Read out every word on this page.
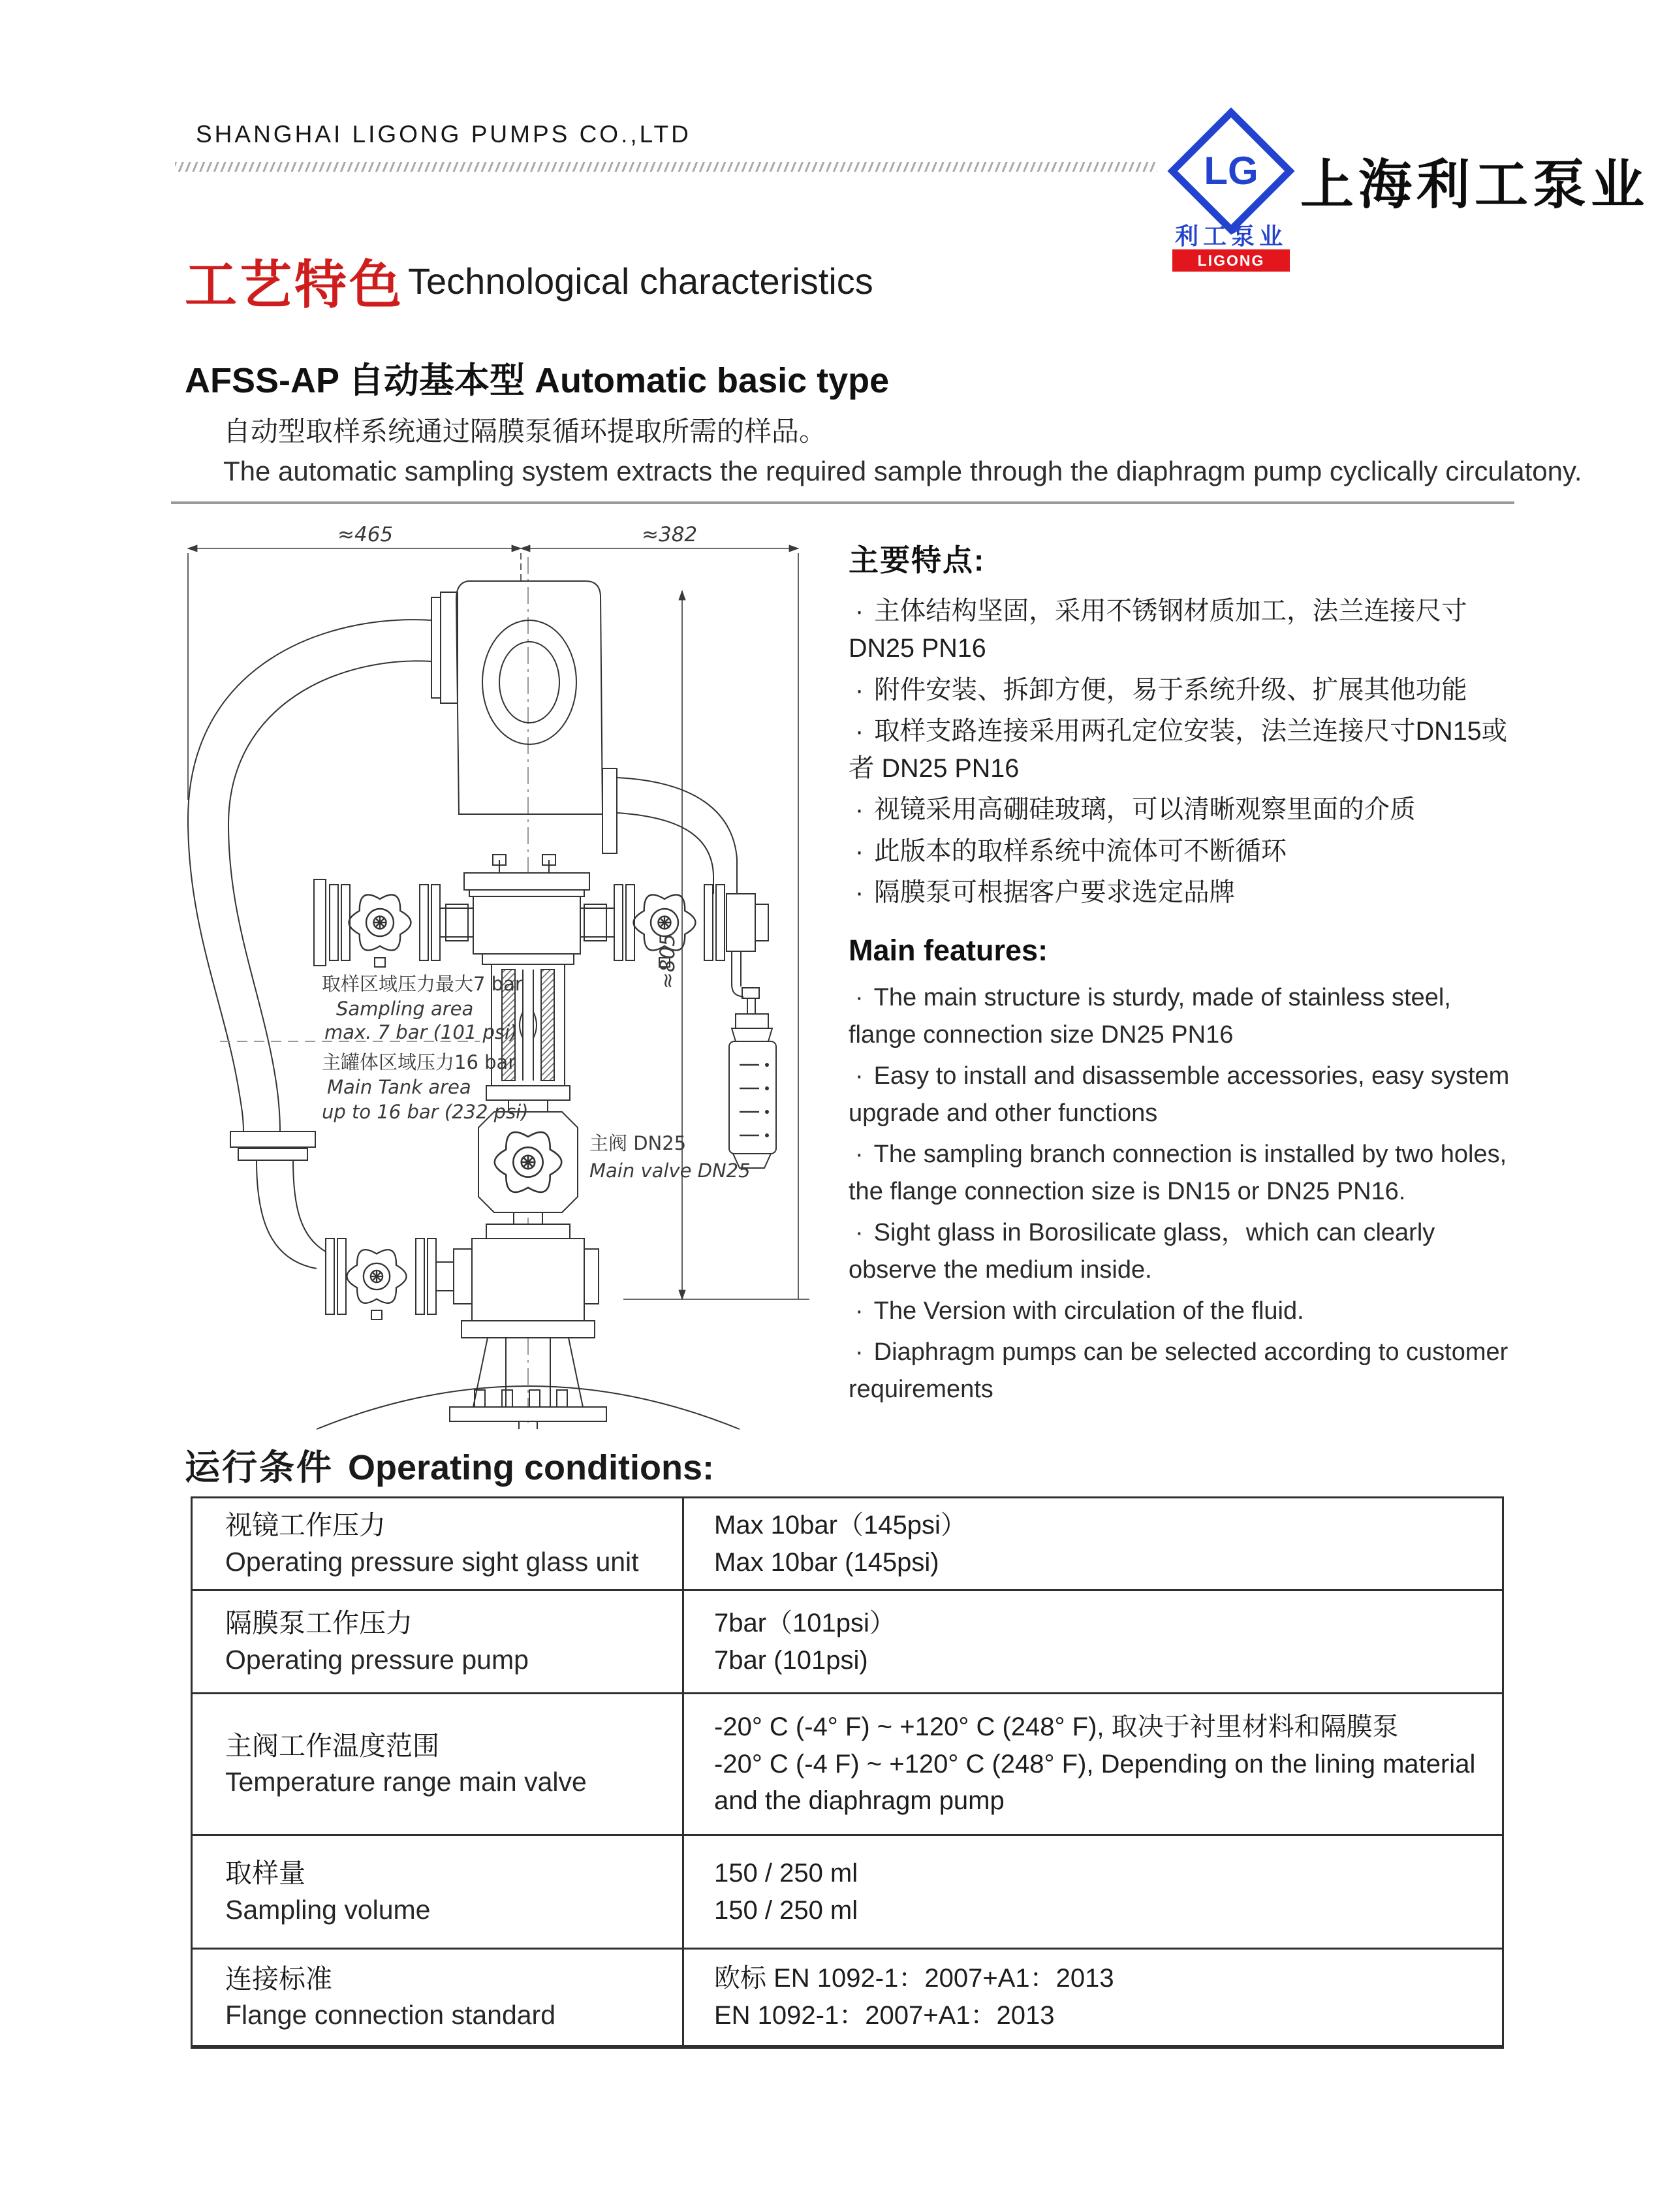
SHANGHAI LIGONG PUMPS CO.,LTD
LG
利工泵业
LIGONG PUMP
上海利工泵业
工艺特色 Technological characteristics
AFSS-AP 自动基本型 Automatic basic type
自动型取样系统通过隔膜泵循环提取所需的样品。
The automatic sampling system extracts the required sample through the diaphragm pump cyclically circulatony.
≈465	≈382
≈805
取样区域压力最大7 bar
Sampling area
max. 7 bar (101 psi)
主罐体区域压力16 bar
Main Tank area
up to 16 bar (232 psi)
主阀 DN25
Main valve DN25
主要特点:
· 主体结构坚固，采用不锈钢材质加工，法兰连接尺寸DN25 PN16
· 附件安装、拆卸方便，易于系统升级、扩展其他功能
· 取样支路连接采用两孔定位安装，法兰连接尺寸DN15或者 DN25 PN16
· 视镜采用高硼硅玻璃，可以清晰观察里面的介质
· 此版本的取样系统中流体可不断循环
· 隔膜泵可根据客户要求选定品牌
Main features:
· The main structure is sturdy, made of stainless steel, flange connection size DN25 PN16
· Easy to install and disassemble accessories, easy system upgrade and other functions
· The sampling branch connection is installed by two holes, the flange connection size is DN15 or DN25 PN16.
· Sight glass in Borosilicate glass，which can clearly observe the medium inside.
· The Version with circulation of the fluid.
· Diaphragm pumps can be selected according to customer requirements
运行条件 Operating conditions:
视镜工作压力
Operating pressure sight glass unit
Max 10bar（145psi）
Max 10bar (145psi)
隔膜泵工作压力
Operating pressure pump
7bar（101psi）
7bar (101psi)
主阀工作温度范围
Temperature range main valve
-20° C (-4° F) ~ +120° C (248° F), 取决于衬里材料和隔膜泵
-20° C (-4 F) ~ +120° C (248° F), Depending on the lining material
and the diaphragm pump
取样量
Sampling volume
150 / 250 ml
150 / 250 ml
连接标准
Flange connection standard
欧标 EN 1092-1：2007+A1：2013
EN 1092-1：2007+A1：2013
